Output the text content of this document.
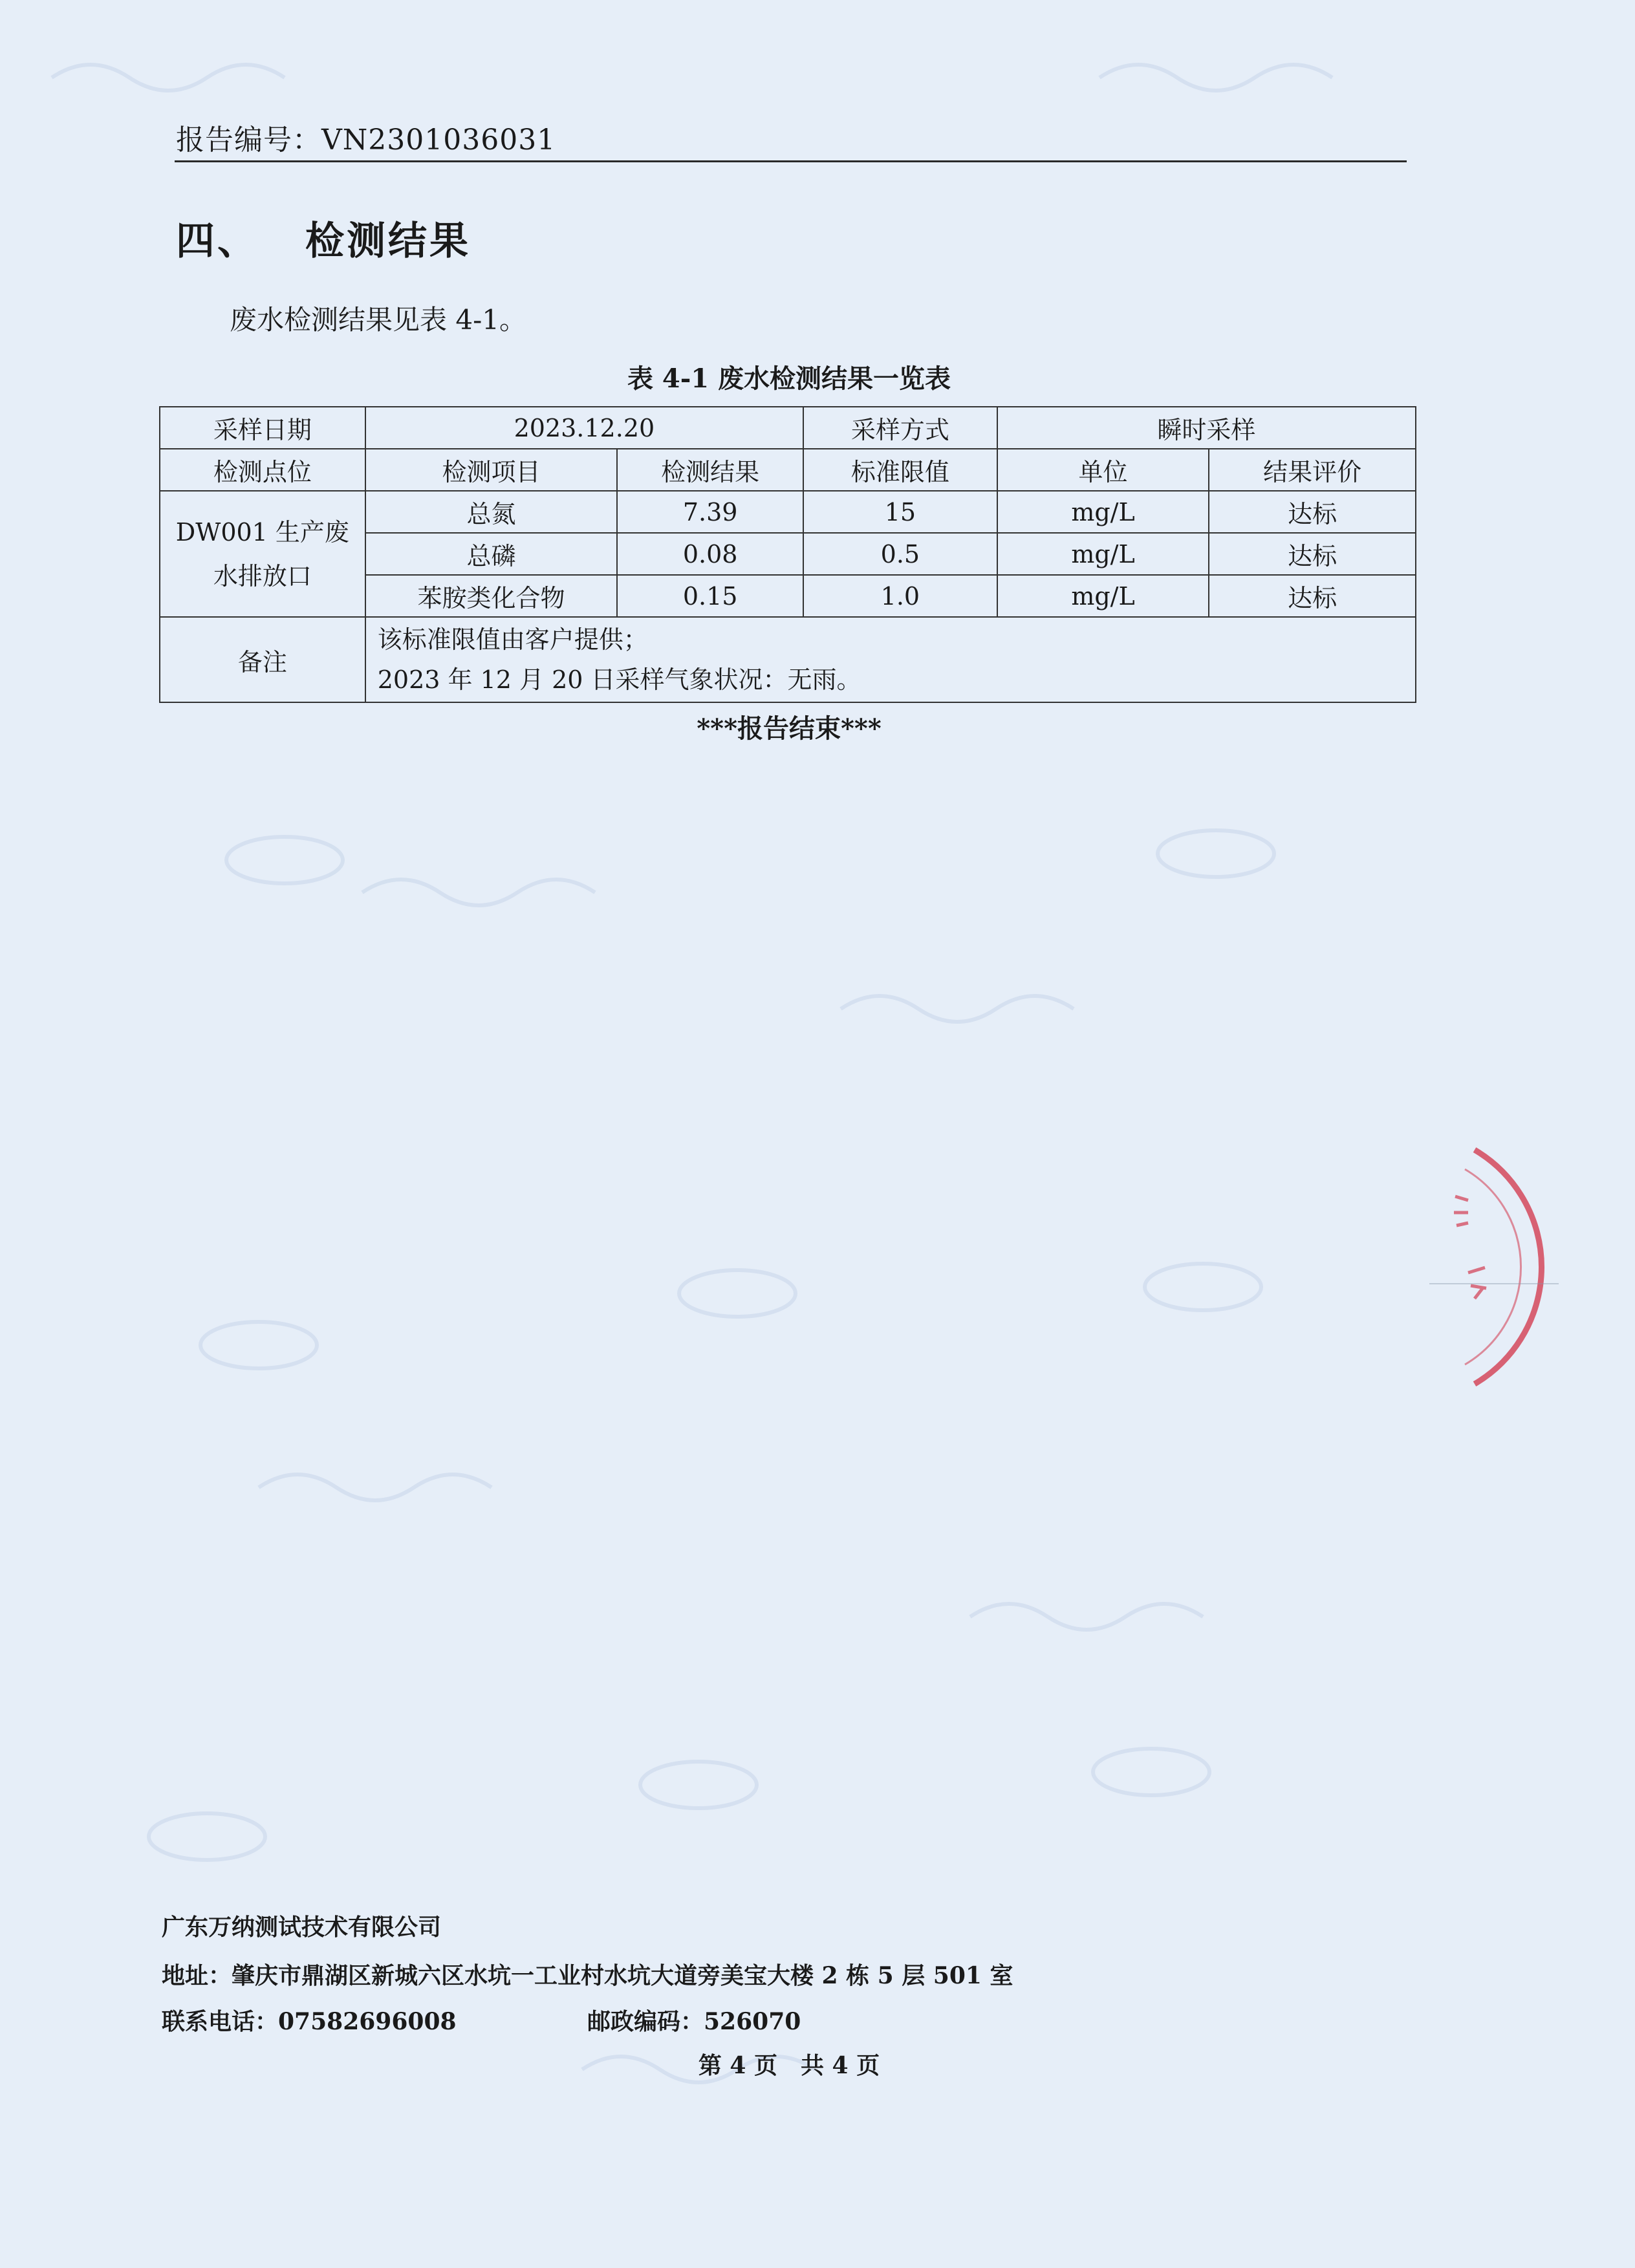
报告编号：VN2301036031
四、 检测结果
废水检测结果见表 4-1。
表 4-1 废水检测结果一览表
采样日期	2023.12.20		采样方式	瞬时采样	
检测点位	检测项目	检测结果	标准限值	单位	结果评价

DW001 生产废
水排放口	总氮	7.39	15	mg/L	达标
	总磷	0.08	0.5	mg/L	达标
	苯胺类化合物	0.15	1.0	mg/L	达标
备注	该标准限值由客户提供；
2023 年 12 月 20 日采样气象状况：无雨。				
***报告结束***
广东万纳测试技术有限公司
地址：肇庆市鼎湖区新城六区水坑一工业村水坑大道旁美宝大楼 2 栋 5 层 501 室
联系电话：07582696008	邮政编码：526070
第 4 页　共 4 页
